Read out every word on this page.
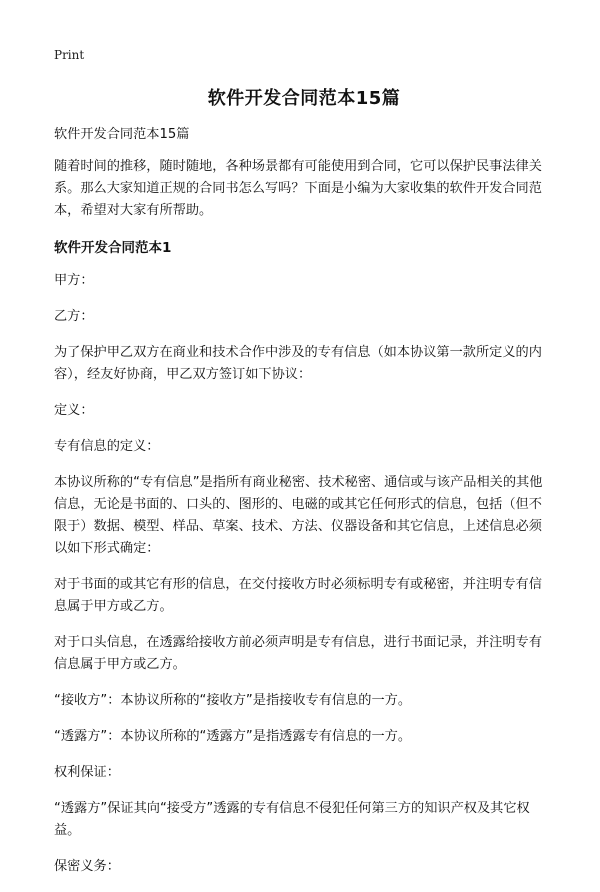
Print
软件开发合同范本15篇
软件开发合同范本15篇
随着时间的推移，随时随地，各种场景都有可能使用到合同，它可以保护民事法律关系。那么大家知道正规的合同书怎么写吗？下面是小编为大家收集的软件开发合同范本，希望对大家有所帮助。
软件开发合同范本1
甲方：
乙方：
为了保护甲乙双方在商业和技术合作中涉及的专有信息（如本协议第一款所定义的内容），经友好协商，甲乙双方签订如下协议：
定义：
专有信息的定义：
本协议所称的“专有信息”是指所有商业秘密、技术秘密、通信或与该产品相关的其他信息，无论是书面的、口头的、图形的、电磁的或其它任何形式的信息，包括（但不限于）数据、模型、样品、草案、技术、方法、仪器设备和其它信息，上述信息必须以如下形式确定：
对于书面的或其它有形的信息，在交付接收方时必须标明专有或秘密，并注明专有信息属于甲方或乙方。
对于口头信息，在透露给接收方前必须声明是专有信息，进行书面记录，并注明专有信息属于甲方或乙方。
“接收方”：本协议所称的“接收方”是指接收专有信息的一方。
“透露方”：本协议所称的“透露方”是指透露专有信息的一方。
权利保证：
“透露方”保证其向“接受方”透露的专有信息不侵犯任何第三方的知识产权及其它权益。
保密义务：
